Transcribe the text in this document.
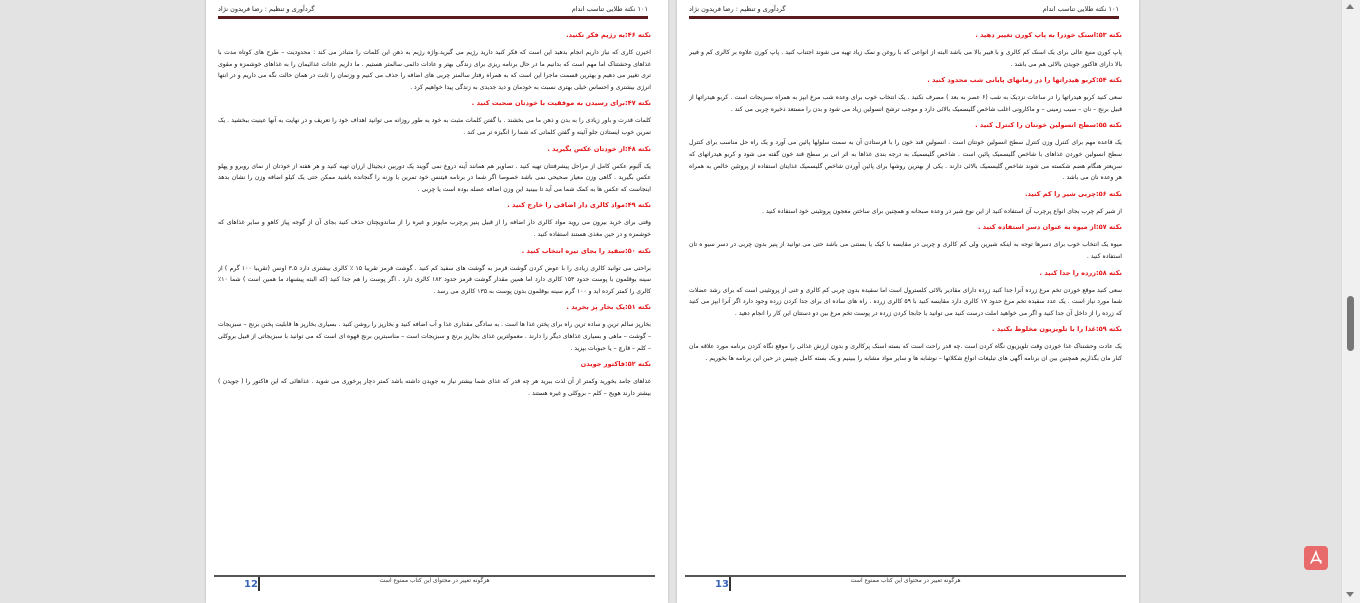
۱۰۱ نکته طلایی تناسب اندام
گردآوری و تنظیم : رضا فریدون نژاد
نکته ۴۶:به رژیم فکر نکنید.

اخیرن کاری که نیاز داریم انجام بدهید این است که فکر کنید دارید رژیم می گیرید.واژه رژیم به ذهن این کلمات را متبادر می کند : محدودیت – طرح های کوتاه مدت با غذاهای وحشتناک اما مهم است که بدانیم ما در حال برنامه ریزی برای زندگی بهتر و عادات دائمی سالمتر هستیم . ما داریم عادات غذائیمان را به غذاهای خوشمزه و مقوی تری تغییر می دهیم و بهترین قسمت ماجرا این است که به همراه رفتار سالمتر چربی های اضافه را حذف می کنیم و وزنمان را ثابت در همان حالت نگه می داریم و در انتها انرژی بیشتری و احساس خیلی بهتری نسبت به خودمان و دید جدیدی به زندگی پیدا خواهیم کرد .

نکته ۴۷:برای رسیدن به موفقیت با خودتان صحبت کنید .

کلمات قدرت و باور زیادی را به بدن و ذهن ما می بخشند . با گفتن کلمات مثبت به خود به طور روزانه می توانید اهداف خود را تعریف و در نهایت به آنها عینیت ببخشید . یک تمرین خوب ایستادن جلو آئینه و گفتن کلماتی که شما را انگیزه تر می کند .

نکته ۴۸:از خودتان عکس بگیرید .

یک آلبوم عکس کامل از مراحل پیشرفتتان تهیه کنید . تصاویر هم همانند آینه دروغ نمی گویند یک دوربین دیجیتال ارزان تهیه کنید و هر هفته از خودتان از نمای روبرو و پهلو عکس بگیرید . گاهی وزن معیار صحیحی نمی باشد خصوصا اگر شما در برنامه فیتنس خود تمرین با وزنه را گنجانده باشید ممکن حتی یک کیلو اضافه وزن را نشان بدهد اینجاست که عکس ها به کمک شما می آید تا ببینید این وزن اضافه عضله بوده است یا چربی .

نکته ۴۹:مواد کالری دار اضافی را خارج کنید .

وقتی برای خرید بیرون می روید مواد کالری دار اضافه را از قبیل پنیر پرچرب مایونز و غیره را از ساندویچتان حذف کنید بجای آن از گوجه پیاز کاهو و سایر غذاهای که خوشمزه و در حین مغذی هستند استفاده کنید .

نکته ۵۰:سفید را بجای تیره انتخاب کنید .

براحتی می توانید کالری زیادی را با عوض کردن گوشت قرمز به گوشت های سفید کم کنید . گوشت قرمز تقریبا ۱۵ ٪ کالری بیشتری دارد ۳.۵ اونس (تقریبا ۱۰۰ گرم ) از سینه بوقلمون با پوست حدود ۱۵۳ کالری دارد اما همین مقدار گوشت قرمز حدود ۱۸۲ کالری دارد . اگر پوست را هم جدا کنید (که البته پیشنهاد ما همین است ) شما ۱۰٪ کالری را کمتر کرده اید و ۱۰۰ گرم سینه بوقلمون بدون پوست به ۱۳۵ کالری می رسد .

نکته ۵۱:یک بخار پز بخرید .

بخارپز سالم ترین و ساده ترین راه برای پختن غذا ها است . به سادگی مقداری غذا و آب اضافه کنید و بخارپز را روشن کنید . بسیاری بخارپز ها قابلیت پختن برنج – سبزیجات – گوشت – ماهی و بسیاری غذاهای دیگر را دارند . معمولترین غذای بخارپز برنج و سبزیجات است – مناسبترین برنج قهوه ای است که می توانید با سبزیجاتی از قبیل بروکلی – کلم – قارچ – یا حبوبات بپزید .

نکته ۵۲:فاکتور جوبدن

غذاهای جامد بخورید وکمتر از آن لذت ببرید هر چه قدر که غذای شما بیشتر نیاز به جویدن داشته باشد کمتر دچار پرخوری می شوید . غذاهائی که این فاکتور را ( جویدن ) بیشتر دارند هویج – کلم – بروکلی و غیره هستند .

هرگونه تغییر در محتوای این کتاب ممنوع است
12
۱۰۱ نکته طلایی تناسب اندام
گردآوری و تنظیم : رضا فریدون نژاد
نکته ۵۳:اسنک خودرا به پاپ کورن تغییر دهید .

پاپ کورن منبع عالی برای یک اسنک کم کالری و با فیبر بالا می باشد البته از انواعی که با روغن و نمک زیاد تهیه می شوند اجتناب کنید . پاپ کورن علاوه بر کالری کم و فیبر بالا دارای فاکتور جویدن بالائی هم می باشد .

نکته ۵۴:کربو هیدراتها را در زمانهای پایانی شب محدود کنید .

سعی کنید کربو هیدراتها را در ساعات نزدیک به شب (۶ عصر به بعد ) مصرف نکنید . یک انتخاب خوب برای وعده شب مرغ ابپز به همراه سبزیجات است . کربو هیدراتها از قبیل برنج – نان – سیب زمینی – و ماکارونی اغلب شاخص گلیسمیک بالائی دارد و موجب ترشح انسولین زیاد می شود و بدن را مستعد ذخیره چربی می کند .

نکته ۵۵:سطح انسولین خونتان را کنترل کنید .

یک قاعده مهم برای کنترل وزن کنترل سطح انسولین خونتان است . انسولین قند خون را با فرستادن آن به سمت سلولها پائین می آورد و یک راه حل مناسب برای کنترل سطح انسولین خوردن غذاهای با شاخص گلیسمیک پائین است . شاخص گلیسمیک به درجه بندی غذاها به اثر انی بر سطح قند خون گفته می شود و کربو هیدراتهای که سریعتر هنگام هضم شکسته می شوند شاخص گلیسمیک بالائی دارند . یکی از بهترین روشها برای پائین آوردن شاخص گلیسمیک غذایتان استفاده از پروتئین خالص به همراه هر وعده نان می باشد .

نکته ۵۶:چربی شیر را کم کنید.

از شیر کم چرب بجای انواع پرچرب آن استفاده کنید از این نوع شیر در وعده صبحانه و همچنین برای ساختن معجون پروتئینی خود استفاده کنید .

نکته ۵۷:از میوه به عنوان دسر استفاده کنید .

میوه یک انتخاب خوب برای دسرها توجه به اینکه شیرین ولی کم کالری و چربی در مقایسه با کیک یا بستنی می باشد حتی می توانید از پنیر بدون چربی در دسر سیو ه تان استفاده کنید .

نکته ۵۸:زرده را جدا کنید .

سعی کنید موقع خوردن تخم مرغ زرده آنرا جدا کنید زرده دارای مقادیر بالائی کلسترول است اما سفیده بدون چربی کم کالری و غنی از پروتئینی است که برای رشد عضلات شما مورد نیاز است . یک عدد سفیده تخم مرغ حدود ۱۷ کالری دارد مقایسه کنید با ۵۹ کالری زرده . راه های ساده ای برای جدا کردن زرده وجود دارد اگر آنرا ابپز می کنید که زرده را از داخل آن جدا کنید و اگر می خواهید املت درست کنید می توانید با جابجا کردن زرده در پوست تخم مرغ بین دو دستتان این کار را انجام دهید .

نکته ۵۹:غذا را با تلویزیون مخلوط نکنید .

یک عادت وحشتناک غذا خوردن وقت تلویزیون نگاه کردن است .چه قدر راحت است که بسته اسنک پرکالری و بدون ارزش غذائی را موقع نگاه کردن برنامه مورد علاقه مان کنار مان بگذاریم همچنین بین ان برنامه آگهی های تبلیغات انواع شکلاتها – نوشابه ها و سایر مواد مشابه را ببینیم و یک بسته کامل چیپس در حین این برنامه ها بخوریم .

هرگونه تغییر در محتوای این کتاب ممنوع است
13
